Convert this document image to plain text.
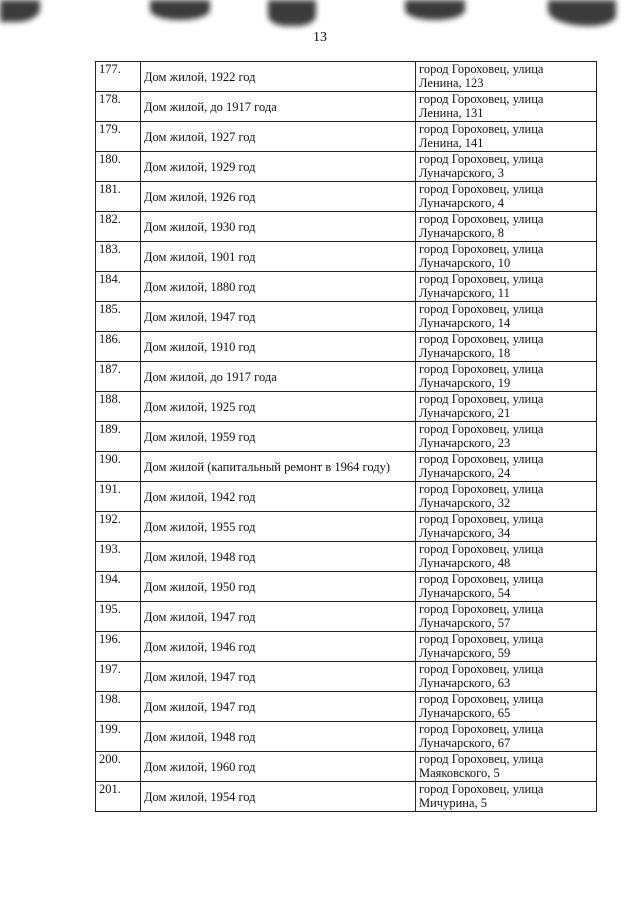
13
177.	Дом жилой, 1922 год	город Гороховец, улица
Ленина, 123

178.	Дом жилой, до 1917 года	город Гороховец, улица
Ленина, 131

179.	Дом жилой, 1927 год	город Гороховец, улица
Ленина, 141

180.	Дом жилой, 1929 год	город Гороховец, улица
Луначарского, 3

181.	Дом жилой, 1926 год	город Гороховец, улица
Луначарского, 4

182.	Дом жилой, 1930 год	город Гороховец, улица
Луначарского, 8

183.	Дом жилой, 1901 год	город Гороховец, улица
Луначарского, 10

184.	Дом жилой, 1880 год	город Гороховец, улица
Луначарского, 11

185.	Дом жилой, 1947 год	город Гороховец, улица
Луначарского, 14

186.	Дом жилой, 1910 год	город Гороховец, улица
Луначарского, 18

187.	Дом жилой, до 1917 года	город Гороховец, улица
Луначарского, 19

188.	Дом жилой, 1925 год	город Гороховец, улица
Луначарского, 21

189.	Дом жилой, 1959 год	город Гороховец, улица
Луначарского, 23

190.	Дом жилой (капитальный ремонт в 1964 году)	город Гороховец, улица
Луначарского, 24

191.	Дом жилой, 1942 год	город Гороховец, улица
Луначарского, 32

192.	Дом жилой, 1955 год	город Гороховец, улица
Луначарского, 34

193.	Дом жилой, 1948 год	город Гороховец, улица
Луначарского, 48

194.	Дом жилой, 1950 год	город Гороховец, улица
Луначарского, 54

195.	Дом жилой, 1947 год	город Гороховец, улица
Луначарского, 57

196.	Дом жилой, 1946 год	город Гороховец, улица
Луначарского, 59

197.	Дом жилой, 1947 год	город Гороховец, улица
Луначарского, 63

198.	Дом жилой, 1947 год	город Гороховец, улица
Луначарского, 65

199.	Дом жилой, 1948 год	город Гороховец, улица
Луначарского, 67

200.	Дом жилой, 1960 год	город Гороховец, улица
Маяковского, 5

201.	Дом жилой, 1954 год	город Гороховец, улица
Мичурина, 5
